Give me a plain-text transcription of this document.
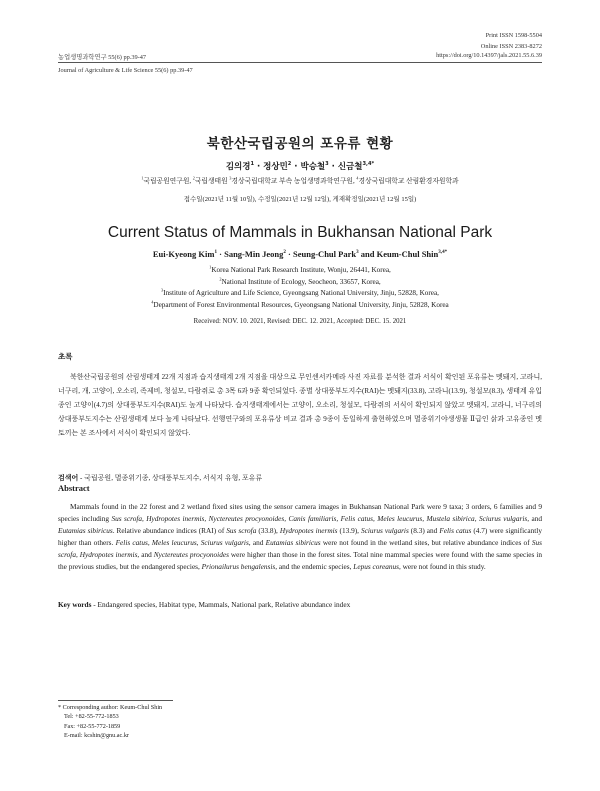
Print ISSN 1598-5504
Online ISSN 2383-8272
농업생명과학연구 55(6) pp.39-47	https://doi.org/10.14397/jals.2021.55.6.39
Journal of Agriculture & Life Science 55(6) pp.39-47
북한산국립공원의 포유류 현황
김의경$^1$ · 정상민$^2$ · 박승철$^3$ · 신금철$^{3,4*}$
$^1$국립공원연구원, $^2$국립생태원 $^3$경상국립대학교 부속 농업생명과학연구원, $^4$경상국립대학교 산림환경자원학과
접수일(2021년 11월 10일), 수정일(2021년 12월 12일), 게재확정일(2021년 12월 15일)
Current Status of Mammals in Bukhansan National Park
Eui-Kyeong Kim$^1$ · Sang-Min Jeong$^2$ · Seung-Chul Park$^3$ and Keum-Chul Shin$^{3,4*}$
$^1$Korea National Park Research Institute, Wonju, 26441, Korea,
$^2$National Institute of Ecology, Seocheon, 33657, Korea,
$^3$Institute of Agriculture and Life Science, Gyeongsang National University, Jinju, 52828, Korea,
$^4$Department of Forest Environmental Resources, Gyeongsang National University, Jinju, 52828, Korea
Received: NOV. 10. 2021, Revised: DEC. 12. 2021, Accepted: DEC. 15. 2021
초록
북한산국립공원의 산림생태계 22개 지점과 습지생태계 2개 지점을 대상으로 무인센서카메라 사진 자료를 분석한 결과 서식이 확인된 포유류는 멧돼지, 고라니, 너구리, 개, 고양이, 오소리, 족제비, 청설모, 다람쥐로 총 3목 6과 9종 확인되었다. 종별 상대풍부도지수(RAI)는 멧돼지(33.8), 고라니(13.9), 청설모(8.3), 생태계 유입종인 고양이(4.7)의 상대풍부도지수(RAI)도 높게 나타났다. 습지생태계에서는 고양이, 오소리, 청설모, 다람쥐의 서식이 확인되지 않았고 멧돼지, 고라니, 너구리의 상대풍부도지수는 산림생태계 보다 높게 나타났다. 선행연구와의 포유류상 비교 결과 총 9종이 동일하게 출현하였으며 멸종위기야생생물 Ⅱ급인 삵과 고유종인 멧토끼는 본 조사에서 서식이 확인되지 않았다.
검색어 - 국립공원, 멸종위기종, 상대풍부도지수, 서식지 유형, 포유류
Abstract
Mammals found in the 22 forest and 2 wetland fixed sites using the sensor camera images in Bukhansan National Park were 9 taxa; 3 orders, 6 families and 9 species including Sus scrofa, Hydropotes inermis, Nyctereutes procyonoides, Canis familiaris, Felis catus, Meles leucurus, Mustela sibirica, Sciurus vulgaris, and Eutamias sibiricus. Relative abundance indices (RAI) of Sus scrofa (33.8), Hydropotes inermis (13.9), Sciurus vulgaris (8.3) and Felis catus (4.7) were significantly higher than others. Felis catus, Meles leucurus, Sciurus vulgaris, and Eutamias sibiricus were not found in the wetland sites, but relative abundance indices of Sus scrofa, Hydropotes inermis, and Nyctereutes procyonoides were higher than those in the forest sites. Total nine mammal species were found with the same species in the previous studies, but the endangered species, Prionailurus bengalensis, and the endemic species, Lepus coreanus, were not found in this study.
Key words - Endangered species, Habitat type, Mammals, National park, Relative abundance index
* Corresponding author: Keum-Chul Shin
Tel: +82-55-772-1853
Fax: +82-55-772-1859
E-mail: kcshin@gnu.ac.kr
